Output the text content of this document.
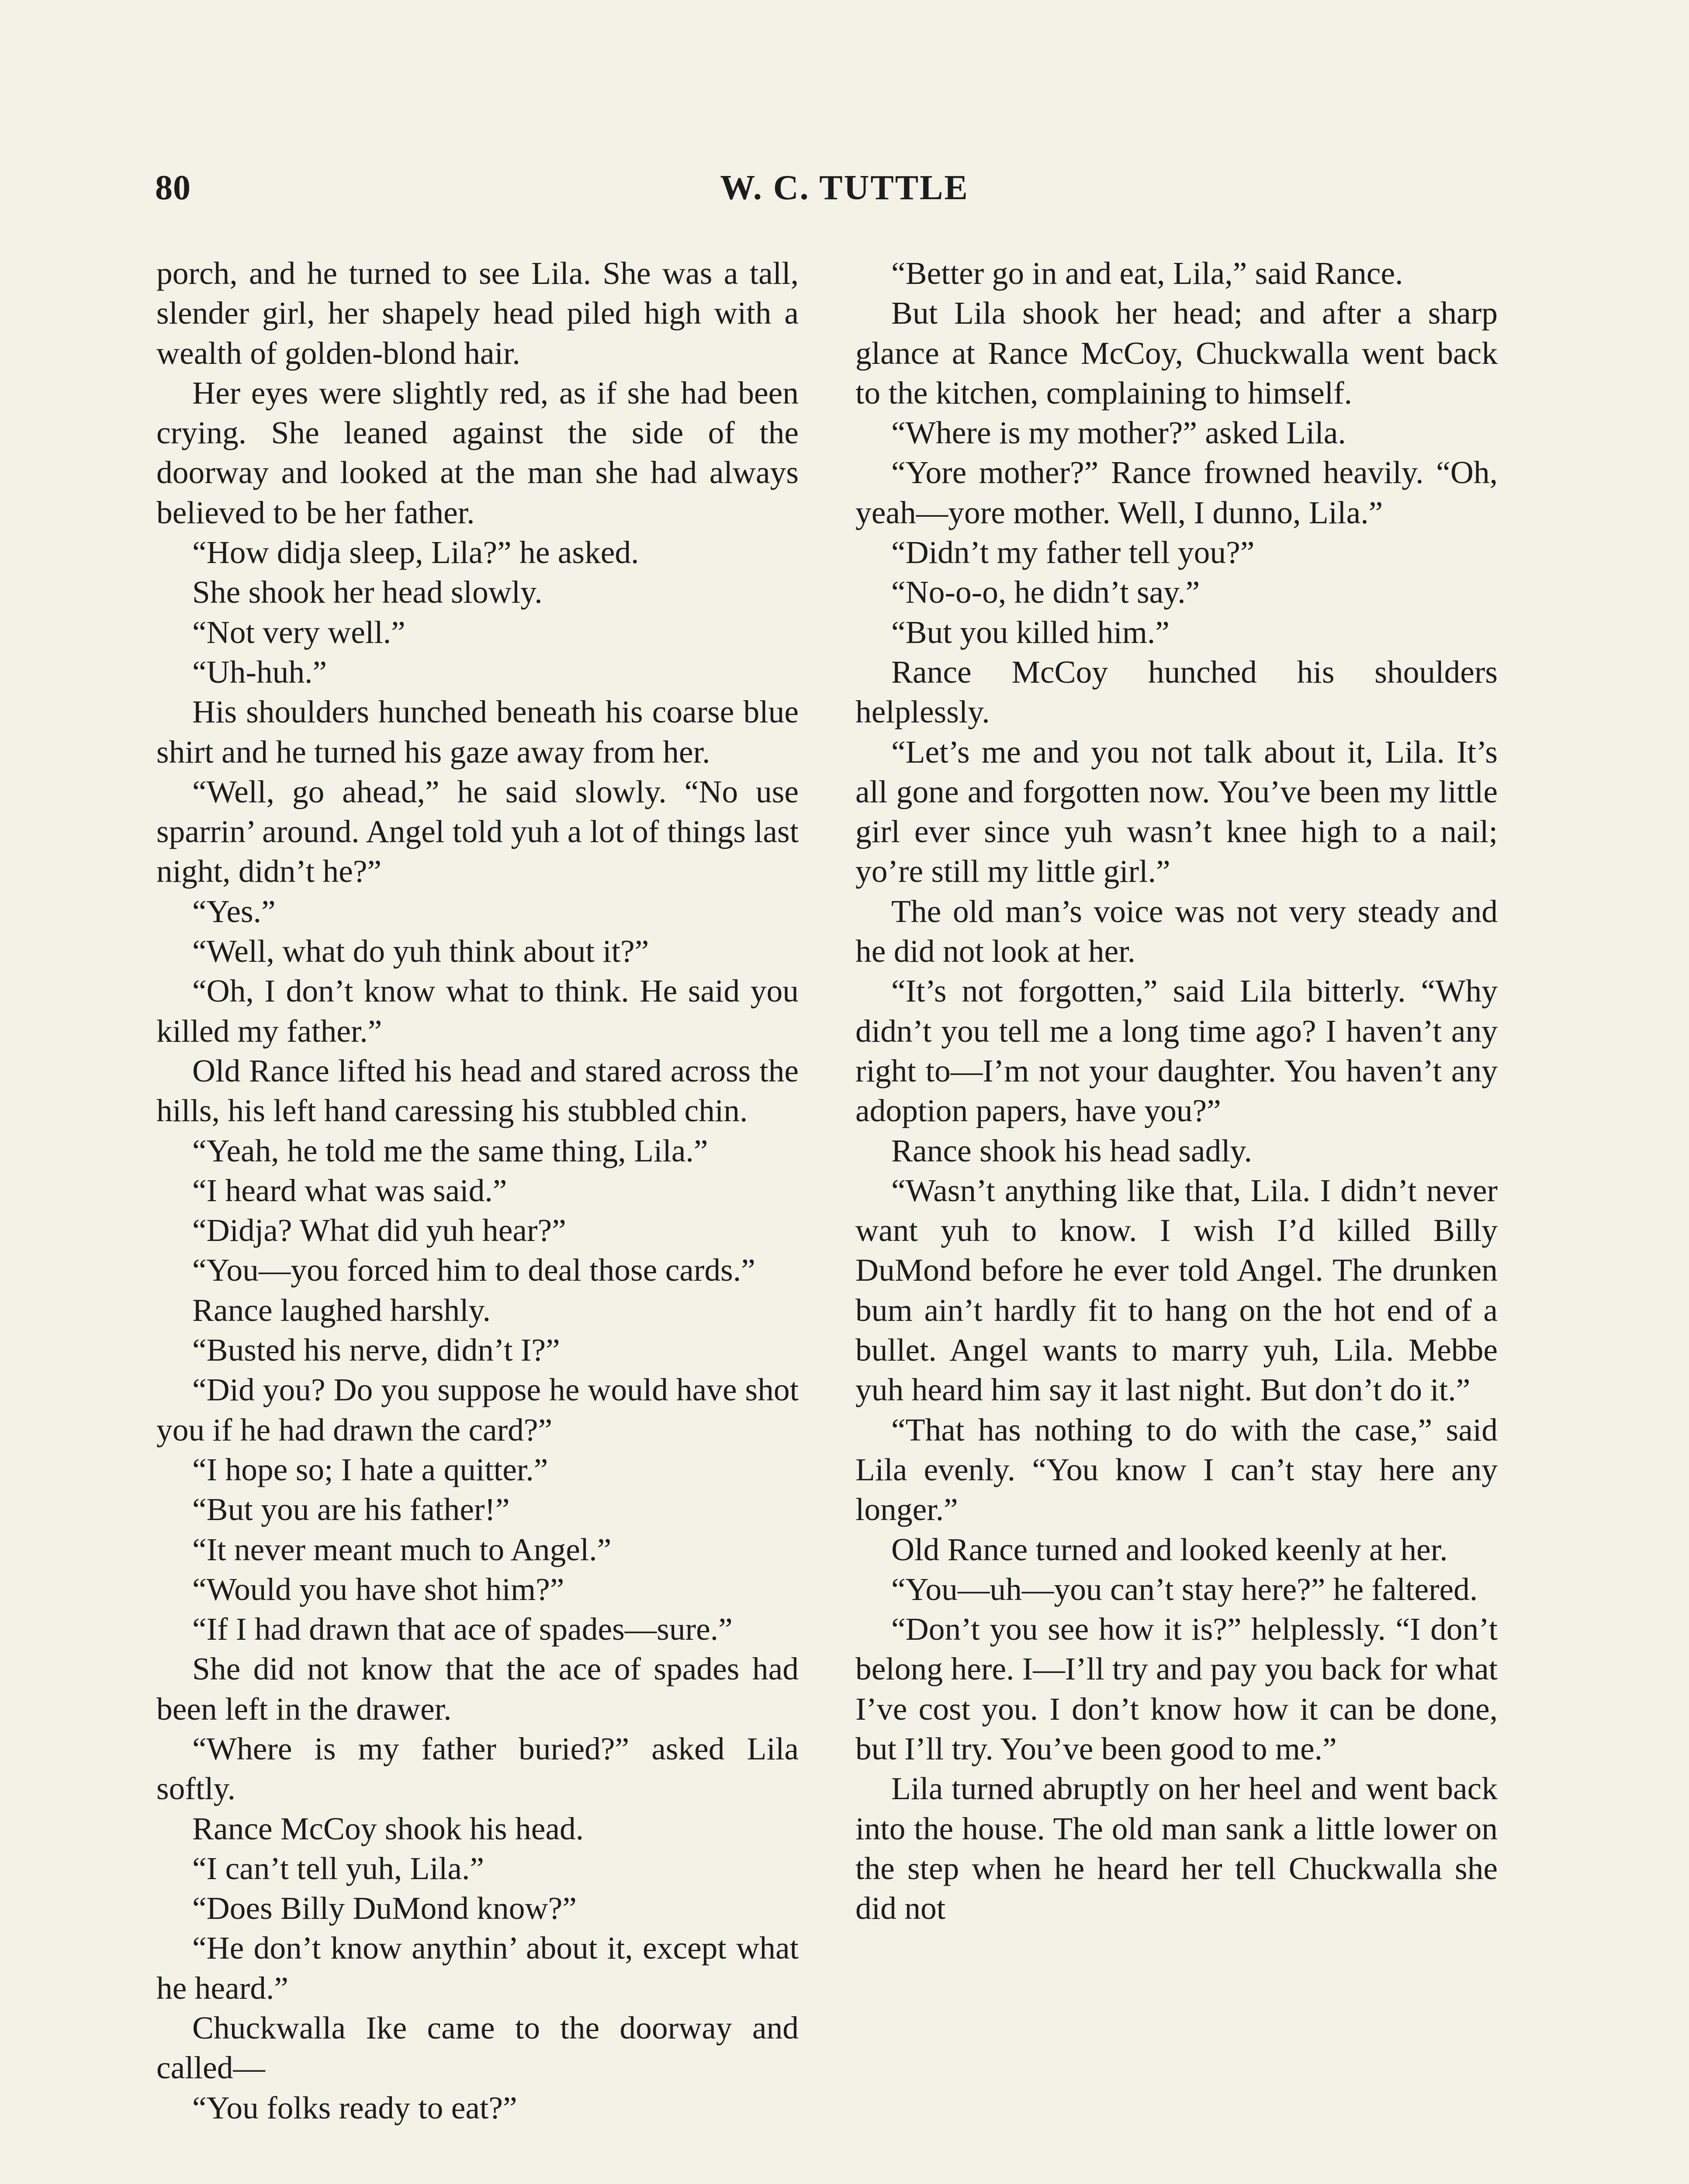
80	W. C. TUTTLE

porch, and he turned to see Lila. She was a tall, slender girl, her shapely head piled high with a wealth of golden-blond hair.

Her eyes were slightly red, as if she had been crying. She leaned against the side of the doorway and looked at the man she had always believed to be her father.

“How didja sleep, Lila?” he asked.

She shook her head slowly.

“Not very well.”

“Uh-huh.”

His shoulders hunched beneath his coarse blue shirt and he turned his gaze away from her.

“Well, go ahead,” he said slowly. “No use sparrin’ around. Angel told yuh a lot of things last night, didn’t he?”

“Yes.”

“Well, what do yuh think about it?”

“Oh, I don’t know what to think. He said you killed my father.”

Old Rance lifted his head and stared across the hills, his left hand caressing his stubbled chin.

“Yeah, he told me the same thing, Lila.”

“I heard what was said.”

“Didja? What did yuh hear?”

“You—you forced him to deal those cards.”

Rance laughed harshly.

“Busted his nerve, didn’t I?”

“Did you? Do you suppose he would have shot you if he had drawn the card?”

“I hope so; I hate a quitter.”

“But you are his father!”

“It never meant much to Angel.”

“Would you have shot him?”

“If I had drawn that ace of spades—sure.”

She did not know that the ace of spades had been left in the drawer.

“Where is my father buried?” asked Lila softly.

Rance McCoy shook his head.

“I can’t tell yuh, Lila.”

“Does Billy DuMond know?”

“He don’t know anythin’ about it, except what he heard.”

Chuckwalla Ike came to the doorway and called—

“You folks ready to eat?”

“Better go in and eat, Lila,” said Rance.

But Lila shook her head; and after a sharp glance at Rance McCoy, Chuckwalla went back to the kitchen, complaining to himself.

“Where is my mother?” asked Lila.

“Yore mother?” Rance frowned heavily. “Oh, yeah—yore mother. Well, I dunno, Lila.”

“Didn’t my father tell you?”

“No-o-o, he didn’t say.”

“But you killed him.”

Rance McCoy hunched his shoulders helplessly.

“Let’s me and you not talk about it, Lila. It’s all gone and forgotten now. You’ve been my little girl ever since yuh wasn’t knee high to a nail; yo’re still my little girl.”

The old man’s voice was not very steady and he did not look at her.

“It’s not forgotten,” said Lila bitterly. “Why didn’t you tell me a long time ago? I haven’t any right to—I’m not your daughter. You haven’t any adoption papers, have you?”

Rance shook his head sadly.

“Wasn’t anything like that, Lila. I didn’t never want yuh to know. I wish I’d killed Billy DuMond before he ever told Angel. The drunken bum ain’t hardly fit to hang on the hot end of a bullet. Angel wants to marry yuh, Lila. Mebbe yuh heard him say it last night. But don’t do it.”

“That has nothing to do with the case,” said Lila evenly. “You know I can’t stay here any longer.”

Old Rance turned and looked keenly at her.

“You—uh—you can’t stay here?” he faltered.

“Don’t you see how it is?” helplessly. “I don’t belong here. I—I’ll try and pay you back for what I’ve cost you. I don’t know how it can be done, but I’ll try. You’ve been good to me.”

Lila turned abruptly on her heel and went back into the house. The old man sank a little lower on the step when he heard her tell Chuckwalla she did not
